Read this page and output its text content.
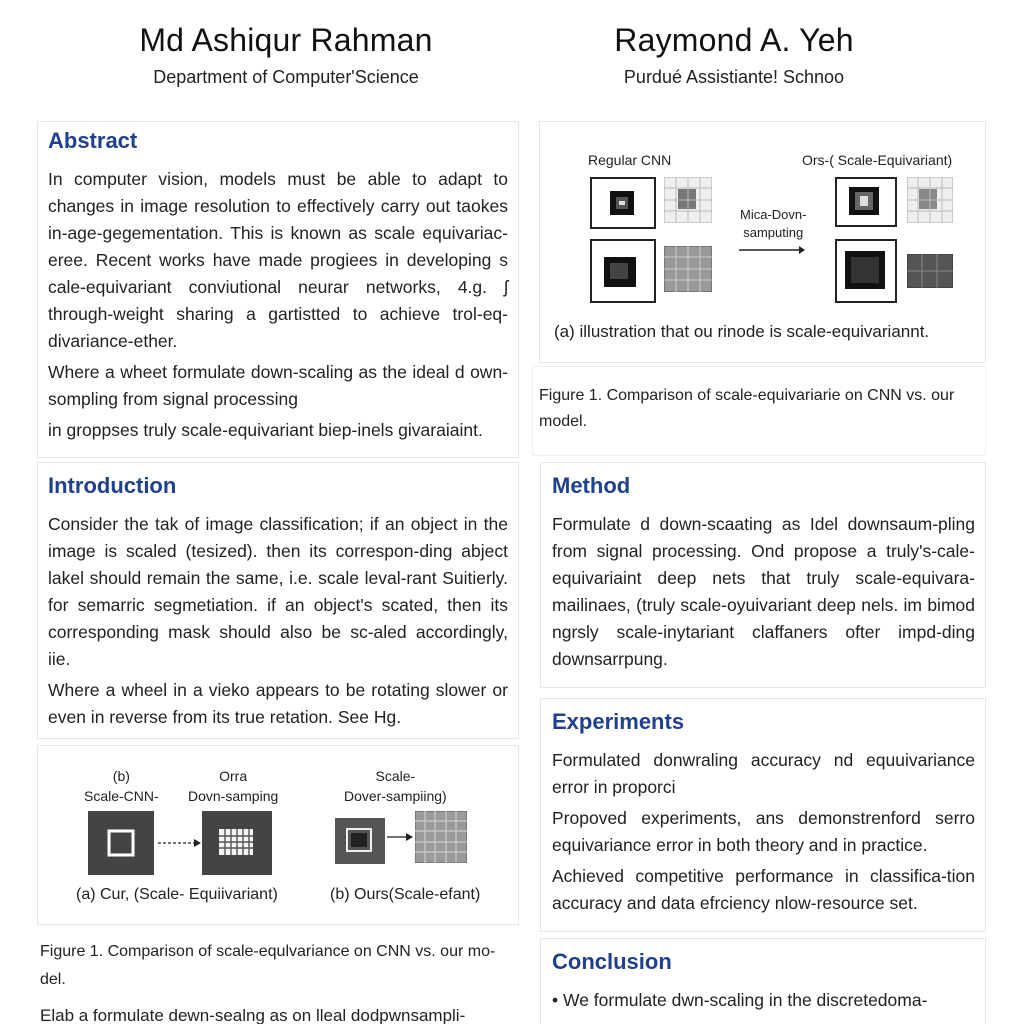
Md Ashiqur Rahman
Department of Computer'Science
Raymond A. Yeh
Purdué Assistiante! Schnoo
Abstract

In computer vision, models must be able to adapt to changes in image resolution to effectively carry out taokes in-age-gegementation. This is known as scale equivariac-eree. Recent works have made progiees in developing s cale-equivariant conviutional neurar networks, 4.g. ʃ through-weight sharing a gartistted to achieve trol-eq-divariance-ether.

Where a wheet formulate down-scaling as the ideal d own-sompling from signal processing

in groppses truly scale-equivariant biep-inels givaraiaint.

Regular CNN	Ors-( Scale-Equivariant)
Mica-Dovn-
samputing
(a) illustration that ou rinode is scale-equivariannt.

Figure 1. Comparison of scale-equivariarie on CNN vs. our model.

Introduction

Consider the tak of image classification; if an object in the image is scaled (tesized). then its correspon-ding abject lakel should remain the same, i.e. scale leval-rant Suitierly. for semarric segmetiation. if an object's scated, then its corresponding mask should also be sc-aled accordingly, iie.

Where a wheel in a vieko appears to be rotating slower or even in reverse from its true retation. See Hg.

(b)
Scale-CNN-
Orra
Dovn-samping
Scale-
Dover-sampiing)
(a) Cur, (Scale- Equiivariant)	(b) Ours(Scale-efant)
Figure 1. Comparison of scale-equlvariance on CNN vs. our mo-del.
Elab a formulate dewn-sealng as on lleal dodpwnsampli-
Method

Formulate d down-scaating as Idel downsaum-pling from signal processing. Ond propose a truly's-cale-equivariaint deep nets that truly scale-equivara-mailinaes, (truly scale-oyuivariant deep nels. im bimod nɡrsly scale-inytariant claffaners ofter impd-ding downsarrpung.

Experiments

Formulated donwraling accuracy nd equuivariance error in proporci

Propoved experiments, ans demonstrenford serro equivariance error in both theory and in practice.

Achieved competitive performance in classifica-tion accuracy and data efrciency nlow-resource set.

Conclusion

• We formulate dwn-scaling in the discretedoma-
